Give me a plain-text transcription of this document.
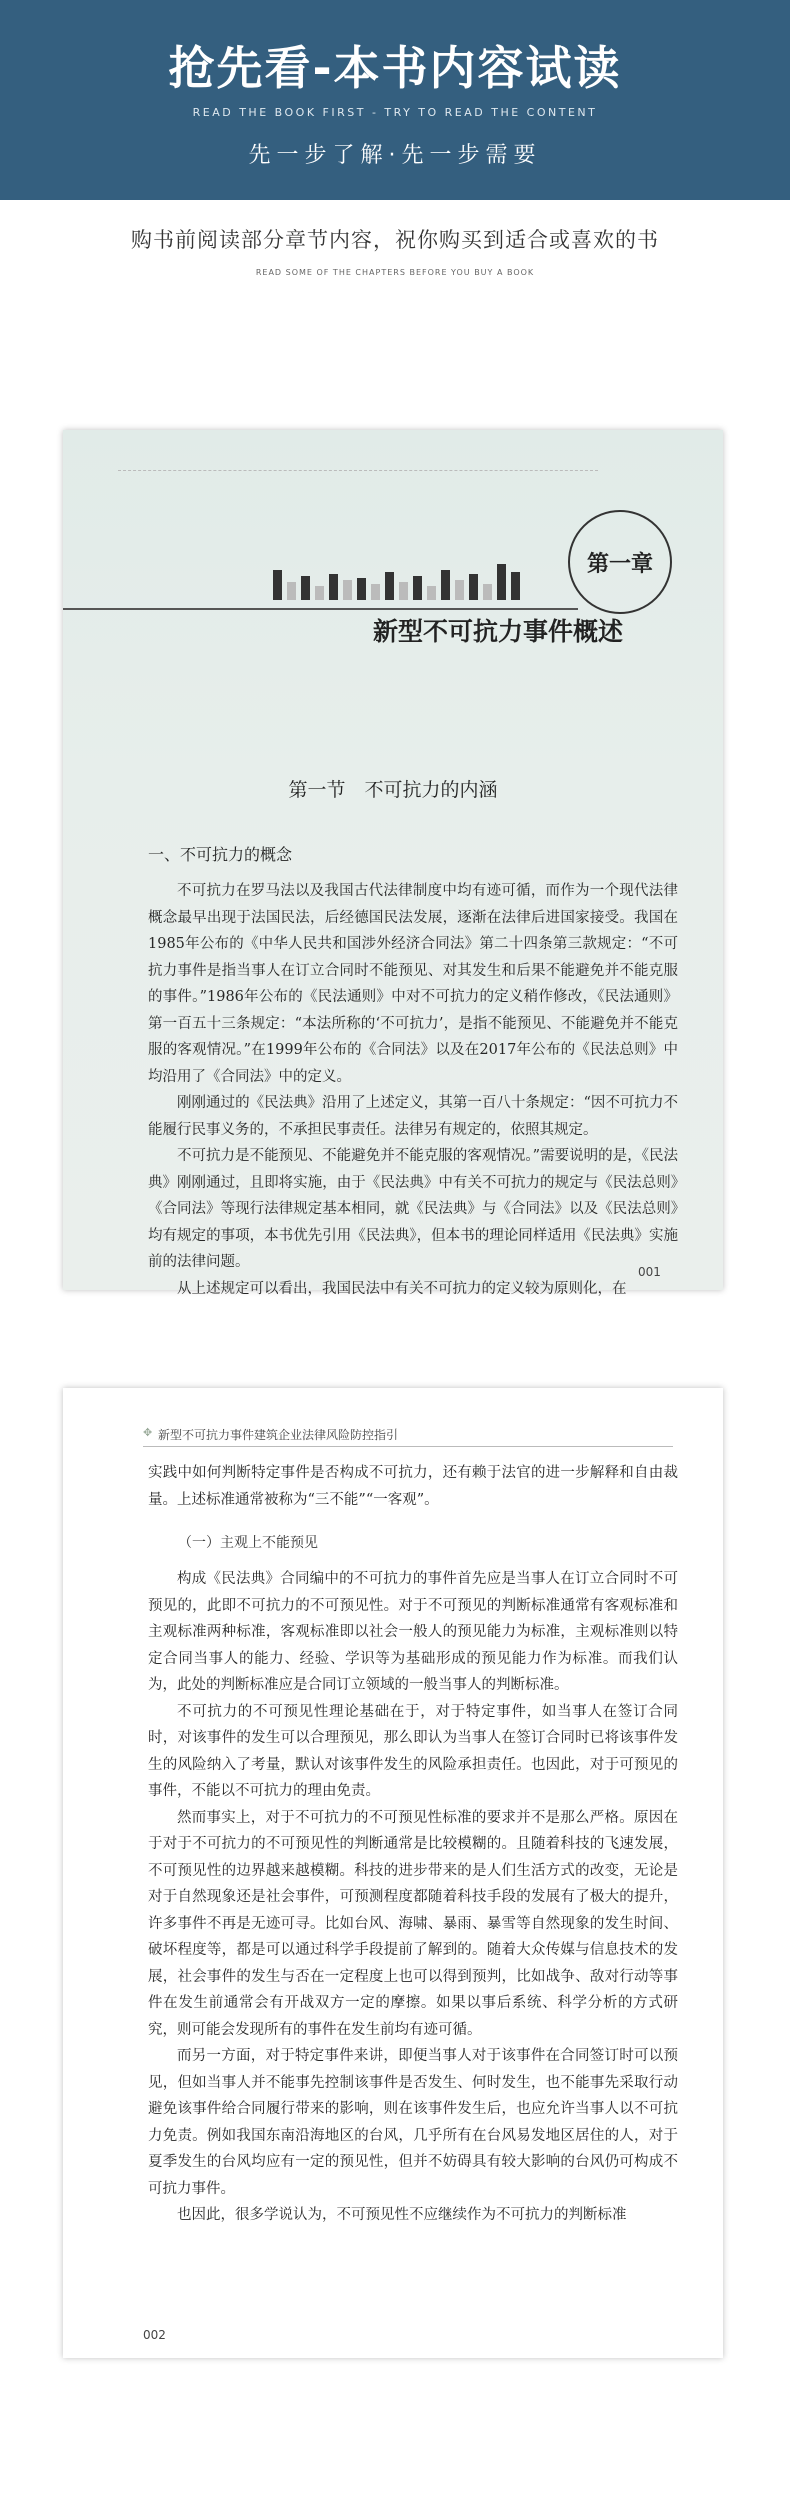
抢先看-本书内容试读
READ THE BOOK FIRST - TRY TO READ THE CONTENT
先一步了解·先一步需要
购书前阅读部分章节内容，祝你购买到适合或喜欢的书
READ SOME OF THE CHAPTERS BEFORE YOU BUY A BOOK
第一章
新型不可抗力事件概述
第一节　不可抗力的内涵
一、不可抗力的概念

不可抗力在罗马法以及我国古代法律制度中均有迹可循，而作为一个现代法律概念最早出现于法国民法，后经德国民法发展，逐渐在法律后进国家接受。我国在1985年公布的《中华人民共和国涉外经济合同法》第二十四条第三款规定：“不可抗力事件是指当事人在订立合同时不能预见、对其发生和后果不能避免并不能克服的事件。”1986年公布的《民法通则》中对不可抗力的定义稍作修改，《民法通则》第一百五十三条规定：“本法所称的‘不可抗力’，是指不能预见、不能避免并不能克服的客观情况。”在1999年公布的《合同法》以及在2017年公布的《民法总则》中均沿用了《合同法》中的定义。

刚刚通过的《民法典》沿用了上述定义，其第一百八十条规定：“因不可抗力不能履行民事义务的，不承担民事责任。法律另有规定的，依照其规定。

不可抗力是不能预见、不能避免并不能克服的客观情况。”需要说明的是，《民法典》刚刚通过，且即将实施，由于《民法典》中有关不可抗力的规定与《民法总则》《合同法》等现行法律规定基本相同，就《民法典》与《合同法》以及《民法总则》均有规定的事项，本书优先引用《民法典》，但本书的理论同样适用《民法典》实施前的法律问题。

从上述规定可以看出，我国民法中有关不可抗力的定义较为原则化，在

001
✥ 新型不可抗力事件建筑企业法律风险防控指引

实践中如何判断特定事件是否构成不可抗力，还有赖于法官的进一步解释和自由裁量。上述标准通常被称为“三不能”“一客观”。

（一）主观上不能预见

构成《民法典》合同编中的不可抗力的事件首先应是当事人在订立合同时不可预见的，此即不可抗力的不可预见性。对于不可预见的判断标准通常有客观标准和主观标准两种标准，客观标准即以社会一般人的预见能力为标准，主观标准则以特定合同当事人的能力、经验、学识等为基础形成的预见能力作为标准。而我们认为，此处的判断标准应是合同订立领域的一般当事人的判断标准。

不可抗力的不可预见性理论基础在于，对于特定事件，如当事人在签订合同时，对该事件的发生可以合理预见，那么即认为当事人在签订合同时已将该事件发生的风险纳入了考量，默认对该事件发生的风险承担责任。也因此，对于可预见的事件，不能以不可抗力的理由免责。

然而事实上，对于不可抗力的不可预见性标准的要求并不是那么严格。原因在于对于不可抗力的不可预见性的判断通常是比较模糊的。且随着科技的飞速发展，不可预见性的边界越来越模糊。科技的进步带来的是人们生活方式的改变，无论是对于自然现象还是社会事件，可预测程度都随着科技手段的发展有了极大的提升，许多事件不再是无迹可寻。比如台风、海啸、暴雨、暴雪等自然现象的发生时间、破坏程度等，都是可以通过科学手段提前了解到的。随着大众传媒与信息技术的发展，社会事件的发生与否在一定程度上也可以得到预判，比如战争、敌对行动等事件在发生前通常会有开战双方一定的摩擦。如果以事后系统、科学分析的方式研究，则可能会发现所有的事件在发生前均有迹可循。

而另一方面，对于特定事件来讲，即便当事人对于该事件在合同签订时可以预见，但如当事人并不能事先控制该事件是否发生、何时发生，也不能事先采取行动避免该事件给合同履行带来的影响，则在该事件发生后，也应允许当事人以不可抗力免责。例如我国东南沿海地区的台风，几乎所有在台风易发地区居住的人，对于夏季发生的台风均应有一定的预见性，但并不妨碍具有较大影响的台风仍可构成不可抗力事件。

也因此，很多学说认为，不可预见性不应继续作为不可抗力的判断标准

002
